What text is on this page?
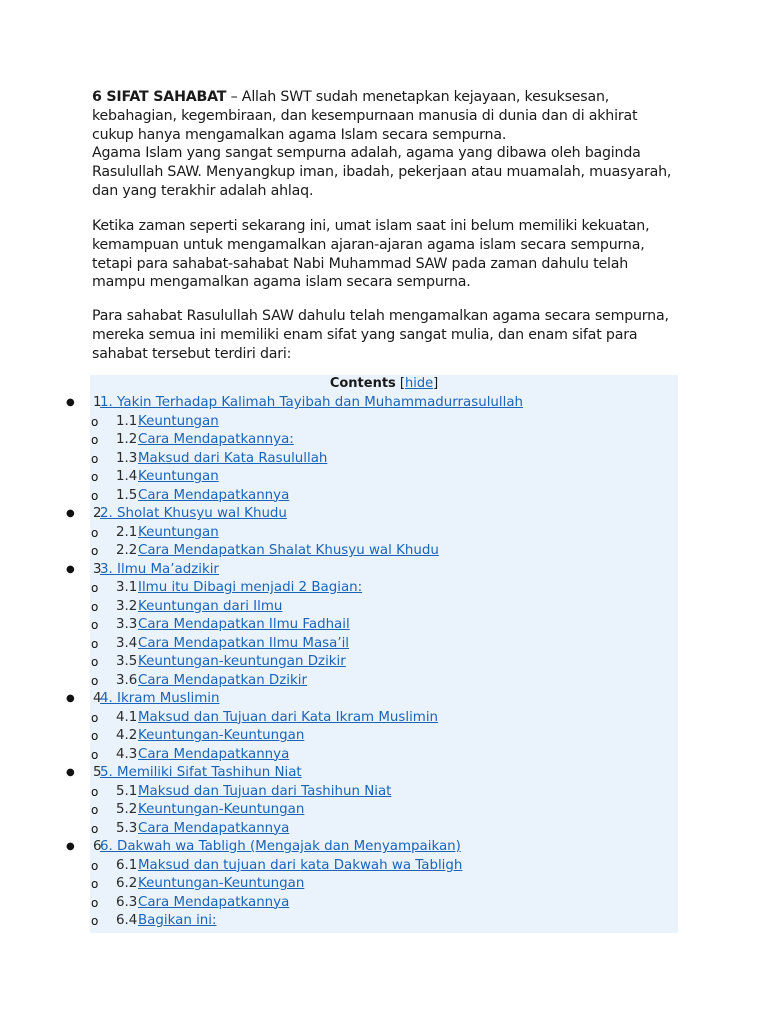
6 SIFAT SAHABAT – Allah SWT sudah menetapkan kejayaan, kesuksesan, kebahagian, kegembiraan, dan kesempurnaan manusia di dunia dan di akhirat cukup hanya mengamalkan agama Islam secara sempurna.

Agama Islam yang sangat sempurna adalah, agama yang dibawa oleh baginda Rasulullah SAW. Menyangkup iman, ibadah, pekerjaan atau muamalah, muasyarah, dan yang terakhir adalah ahlaq.

Ketika zaman seperti sekarang ini, umat islam saat ini belum memiliki kekuatan, kemampuan untuk mengamalkan ajaran-ajaran agama islam secara sempurna, tetapi para sahabat-sahabat Nabi Muhammad SAW pada zaman dahulu telah mampu mengamalkan agama islam secara sempurna.
Para sahabat Rasulullah SAW dahulu telah mengamalkan agama secara sempurna, mereka semua ini memiliki enam sifat yang sangat mulia, dan enam sifat para sahabat tersebut terdiri dari:
Contents [hide]
● 1
1. Yakin Terhadap Kalimah Tayibah dan Muhammadurrasulullah
o 1.1 Keuntungan
o 1.2 Cara Mendapatkannya:
o 1.3 Maksud dari Kata Rasulullah
o 1.4 Keuntungan
o 1.5 Cara Mendapatkannya
● 2
2. Sholat Khusyu wal Khudu
o 2.1 Keuntungan
o 2.2 Cara Mendapatkan Shalat Khusyu wal Khudu
● 3
3. Ilmu Ma’adzikir
o 3.1 Ilmu itu Dibagi menjadi 2 Bagian:
o 3.2 Keuntungan dari Ilmu
o 3.3 Cara Mendapatkan Ilmu Fadhail
o 3.4 Cara Mendapatkan Ilmu Masa’il
o 3.5 Keuntungan-keuntungan Dzikir
o 3.6 Cara Mendapatkan Dzikir
● 4
4. Ikram Muslimin
o 4.1 Maksud dan Tujuan dari Kata Ikram Muslimin
o 4.2 Keuntungan-Keuntungan
o 4.3 Cara Mendapatkannya
● 5
5. Memiliki Sifat Tashihun Niat
o 5.1 Maksud dan Tujuan dari Tashihun Niat
o 5.2 Keuntungan-Keuntungan
o 5.3 Cara Mendapatkannya
● 6
6. Dakwah wa Tabligh (Mengajak dan Menyampaikan)
o 6.1 Maksud dan tujuan dari kata Dakwah wa Tabligh
o 6.2 Keuntungan-Keuntungan
o 6.3 Cara Mendapatkannya
o 6.4 Bagikan ini:
